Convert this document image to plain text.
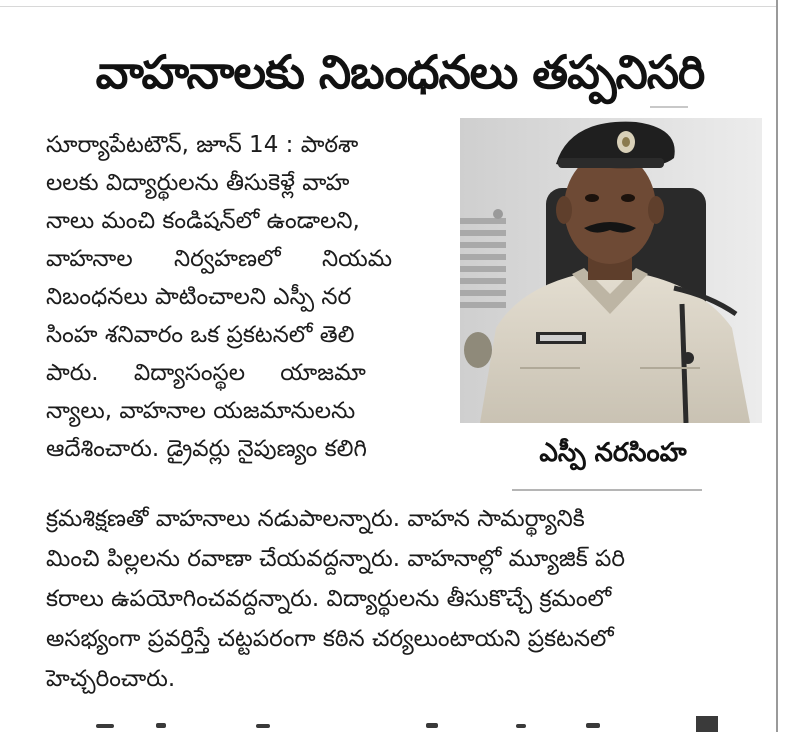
వాహనాలకు నిబంధనలు తప్పనిసరి
సూర్యాపేటటౌన్, జూన్ 14 : పాఠశా
లలకు విద్యార్థులను తీసుకెళ్లే వాహ
నాలు మంచి కండిషన్‌లో ఉండాలని,
వాహనాల నిర్వహణలో నియమ
నిబంధనలు పాటించాలని ఎస్పీ నర
సింహ శనివారం ఒక ప్రకటనలో తెలి
పారు. విద్యాసంస్థల యాజమా
న్యాలు, వాహనాల యజమానులను
ఆదేశించారు. డ్రైవర్లు నైపుణ్యం కలిగి
క్రమశిక్షణతో వాహనాలు నడుపాలన్నారు. వాహన సామర్థ్యానికి
మించి పిల్లలను రవాణా చేయవద్దన్నారు. వాహనాల్లో మ్యూజిక్ పరి
కరాలు ఉపయోగించవద్దన్నారు. విద్యార్థులను తీసుకొచ్చే క్రమంలో
అసభ్యంగా ప్రవర్తిస్తే చట్టపరంగా కఠిన చర్యలుంటాయని ప్రకటనలో
హెచ్చరించారు.
ఎస్పీ నరసింహ
